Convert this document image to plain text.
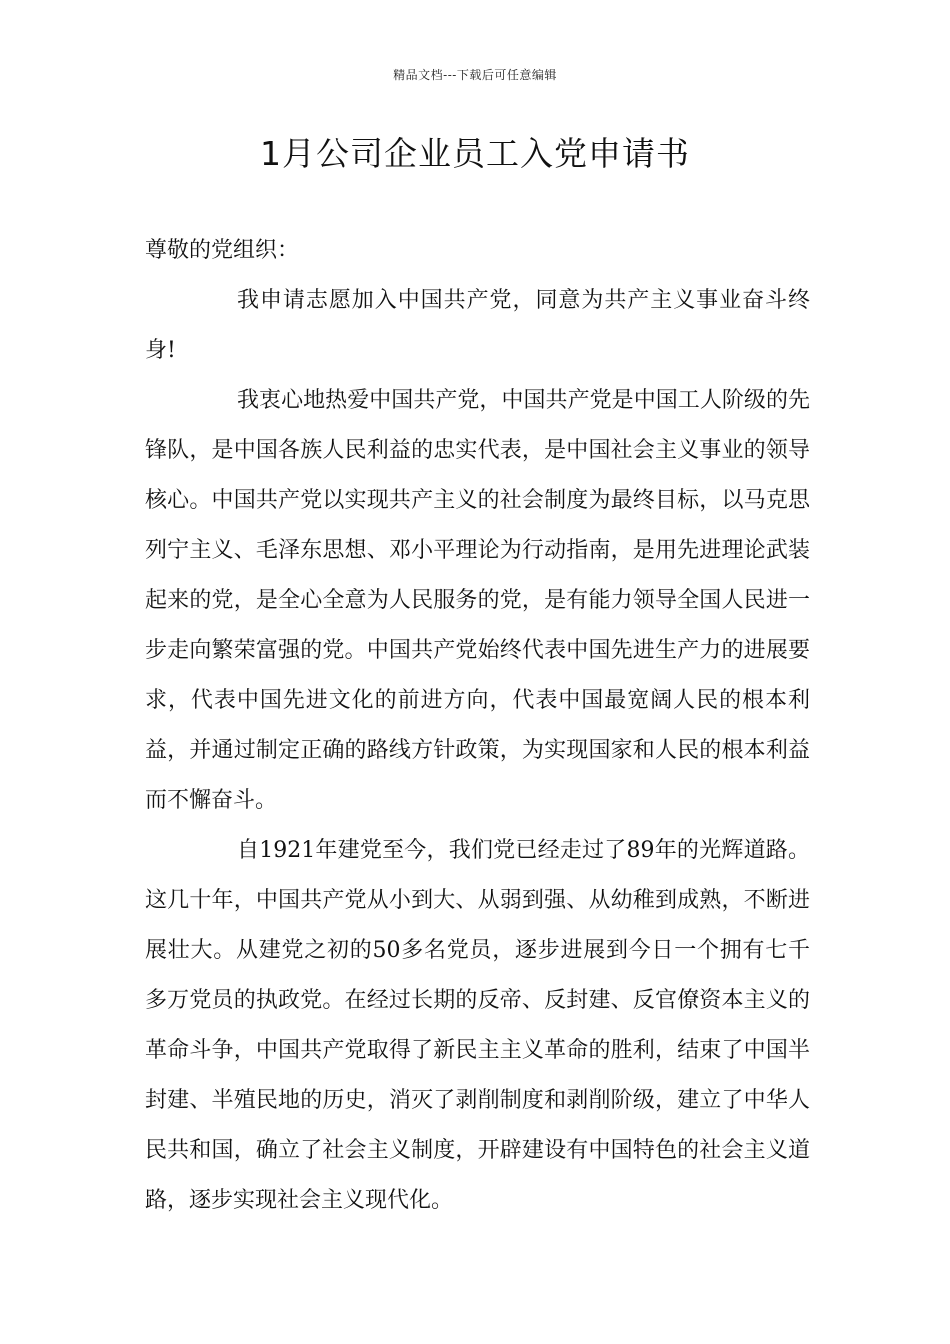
精品文档---下载后可任意编辑
1月公司企业员工入党申请书

尊敬的党组织：

我申请志愿加入中国共产党，同意为共产主义事业奋斗终身!

我衷心地热爱中国共产党，中国共产党是中国工人阶级的先锋队，是中国各族人民利益的忠实代表，是中国社会主义事业的领导核心。中国共产党以实现共产主义的社会制度为最终目标，以马克思列宁主义、毛泽东思想、邓小平理论为行动指南，是用先进理论武装起来的党，是全心全意为人民服务的党，是有能力领导全国人民进一步走向繁荣富强的党。中国共产党始终代表中国先进生产力的进展要求，代表中国先进文化的前进方向，代表中国最宽阔人民的根本利益，并通过制定正确的路线方针政策，为实现国家和人民的根本利益而不懈奋斗。

自1921年建党至今，我们党已经走过了89年的光辉道路。这几十年，中国共产党从小到大、从弱到强、从幼稚到成熟，不断进展壮大。从建党之初的50多名党员，逐步进展到今日一个拥有七千多万党员的执政党。在经过长期的反帝、反封建、反官僚资本主义的革命斗争，中国共产党取得了新民主主义革命的胜利，结束了中国半封建、半殖民地的历史，消灭了剥削制度和剥削阶级，建立了中华人民共和国，确立了社会主义制度，开辟建设有中国特色的社会主义道路，逐步实现社会主义现代化。
